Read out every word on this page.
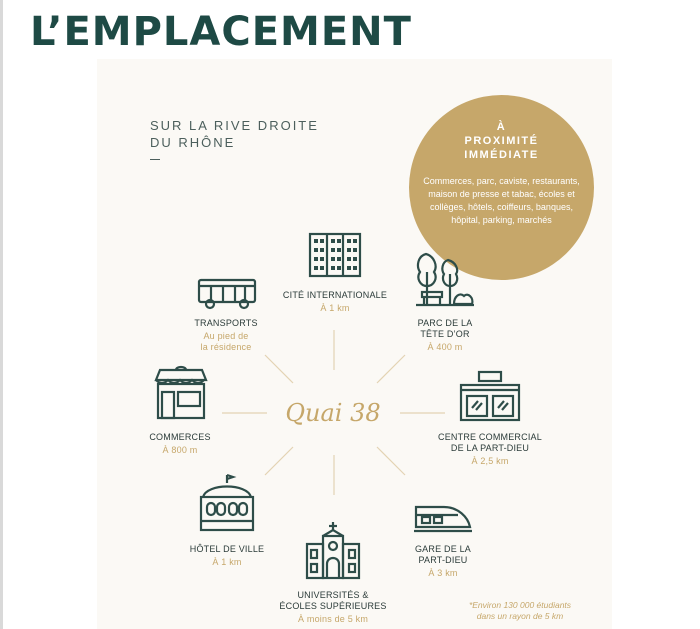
L’EMPLACEMENT
SUR LA RIVE DROITE
DU RHÔNE
À
PROXIMITÉ
IMMÉDIATE
Commerces, parc, caviste, restaurants, maison de presse et tabac, écoles et collèges, hôtels, coiffeurs, banques, hôpital, parking, marchés
Quai 38
CITÉ INTERNATIONALE
À 1 km
TRANSPORTS
Au pied de
la résidence
PARC DE LA
TÊTE D’OR
À 400 m
COMMERCES
À 800 m
CENTRE COMMERCIAL
DE LA PART-DIEU
À 2,5 km
HÔTEL DE VILLE
À 1 km
GARE DE LA
PART-DIEU
À 3 km
UNIVERSITÉS &
ÉCOLES SUPÉRIEURES
À moins de 5 km
*Environ 130 000 étudiants
dans un rayon de 5 km
